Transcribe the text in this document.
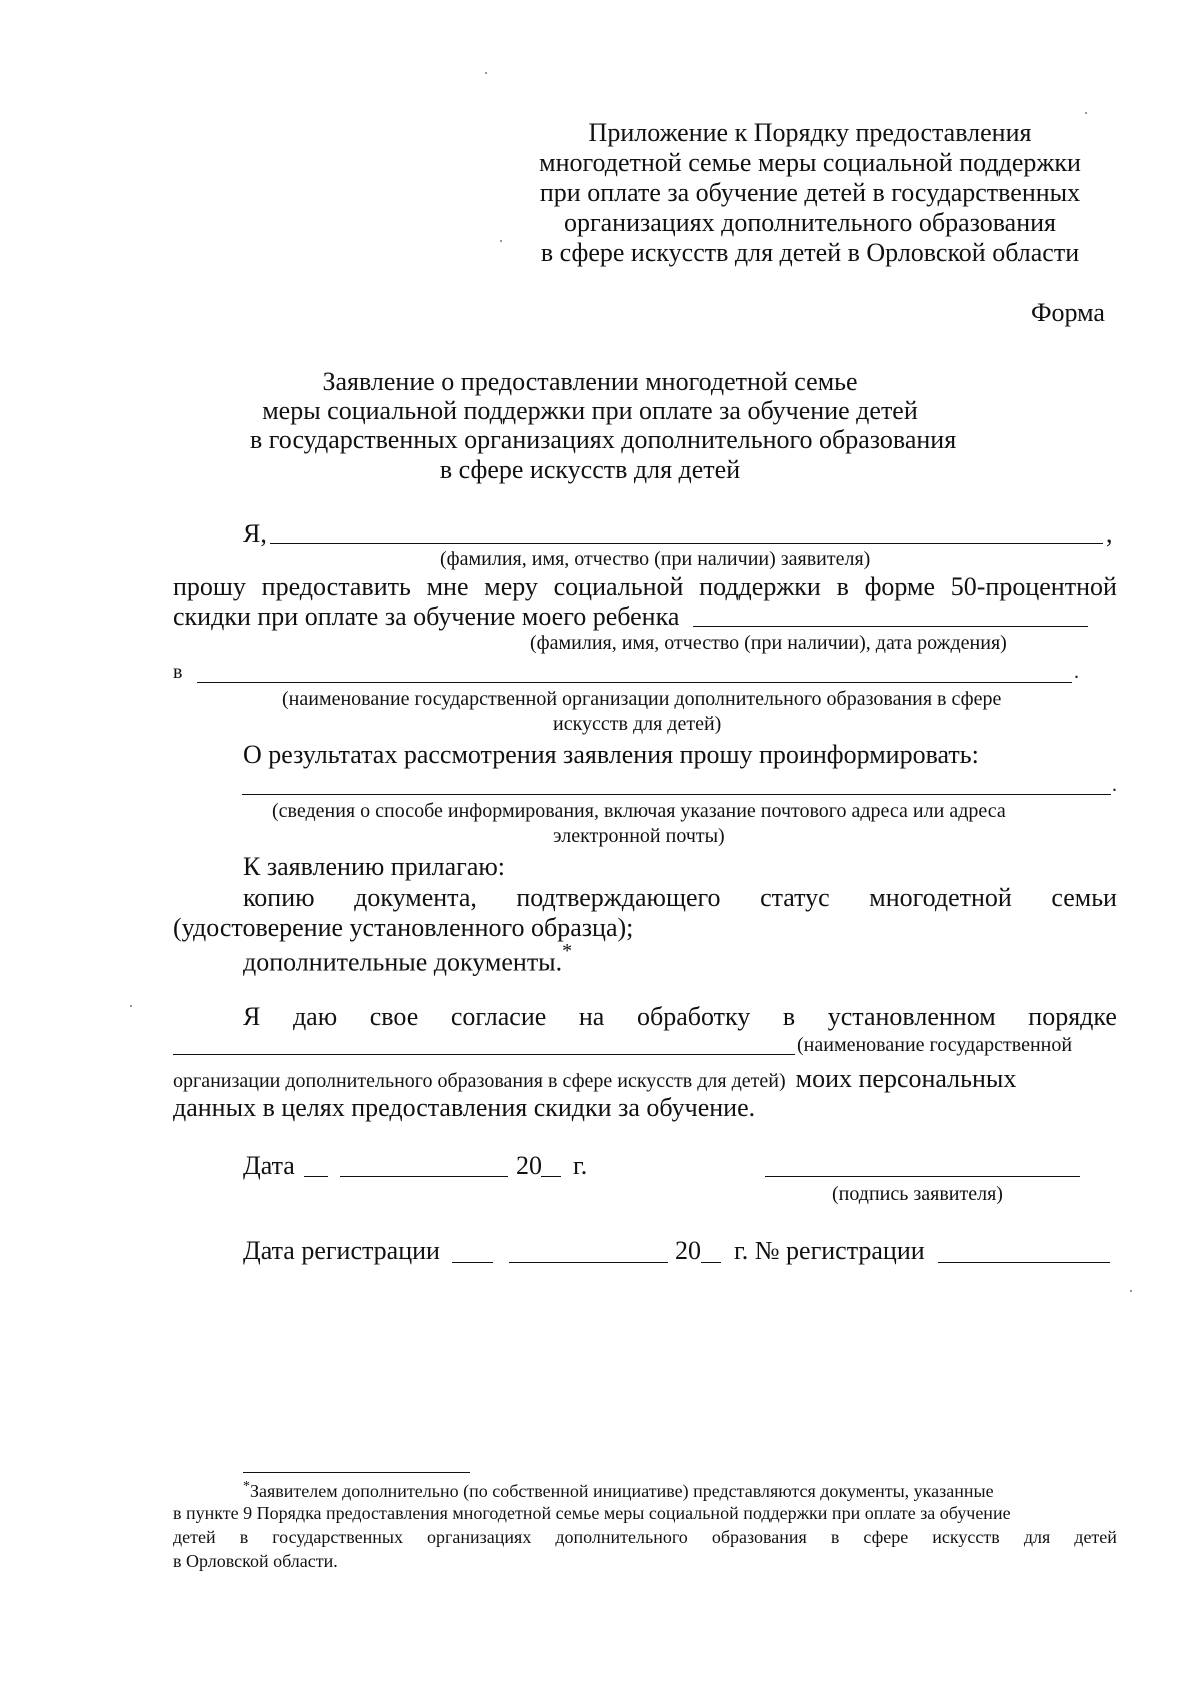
Приложение к Порядку предоставления
многодетной семье меры социальной поддержки
при оплате за обучение детей в государственных
организациях дополнительного образования
в сфере искусств для детей в Орловской области
Форма
Заявление о предоставлении многодетной семье
меры социальной поддержки при оплате за обучение детей
в государственных организациях дополнительного образования
в сфере искусств для детей
Я,	,
(фамилия, имя, отчество (при наличии) заявителя)
прошу предоставить мне меру социальной поддержки в форме 50-процентной
скидки при оплате за обучение моего ребенка
(фамилия, имя, отчество (при наличии), дата рождения)
в	.
(наименование государственной организации дополнительного образования в сфере
искусств для детей)
О результатах рассмотрения заявления прошу проинформировать:
.
(сведения о способе информирования, включая указание почтового адреса или адреса
электронной почты)
К заявлению прилагаю:
копию документа, подтверждающего статус многодетной семьи
(удостоверение установленного образца);
дополнительные документы.*
Я даю свое согласие на обработку в установленном порядке
(наименование государственной
организации дополнительного образования в сфере искусств для детей) моих персональных
данных в целях предоставления скидки за обучение.
Дата	20 г.
(подпись заявителя)
Дата регистрации	20 г. № регистрации
*Заявителем дополнительно (по собственной инициативе) представляются документы, указанные
в пункте 9 Порядка предоставления многодетной семье меры социальной поддержки при оплате за обучение
детей в государственных организациях дополнительного образования в сфере искусств для детей
в Орловской области.
